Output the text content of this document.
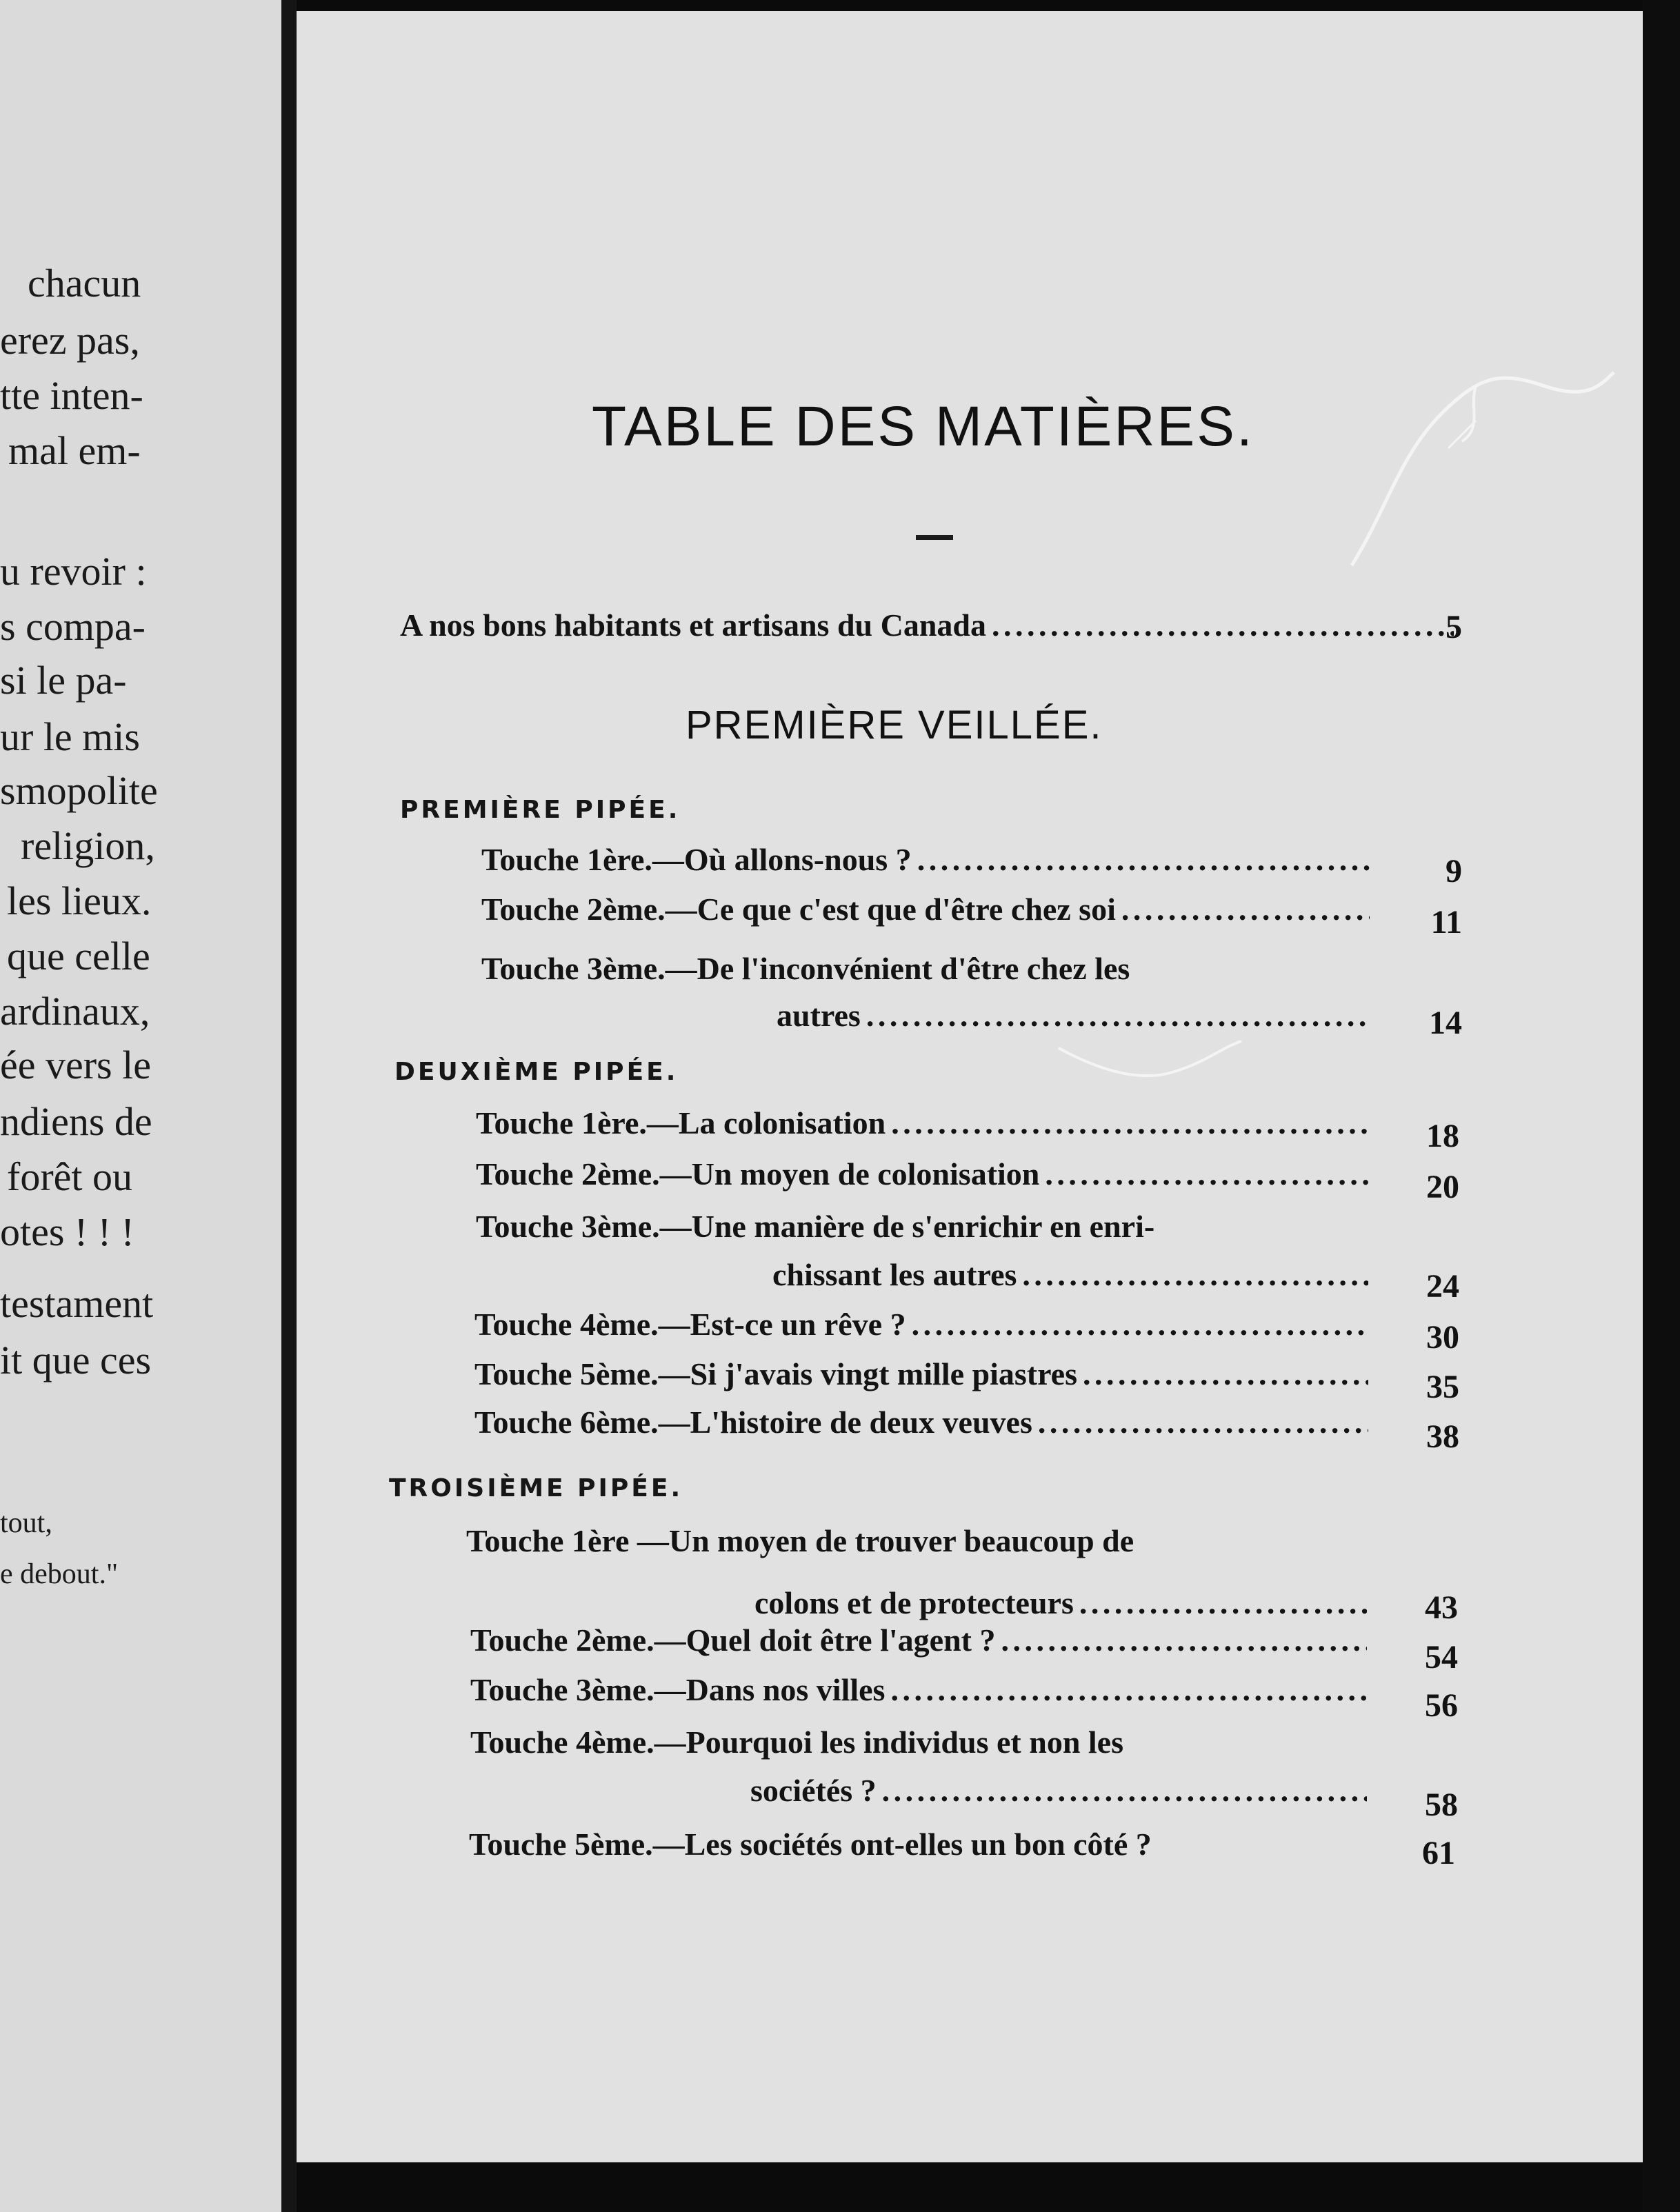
chacun
erez pas,
tte inten-
mal em-
u revoir :
s compa-
si le pa-
ur le mis
smopolite
religion,
les lieux.
que celle
ardinaux,
ée vers le
ndiens de
forêt ou
otes ! ! !
testament
it que ces
tout,
e debout."
TABLE DES MATIÈRES.
A nos bons habitants et artisans du Canada . . .	5
PREMIÈRE VEILLÉE.
PREMIÈRE PIPÉE.
Touche 1ère.—Où allons-nous ? . . .	9
Touche 2ème.—Ce que c'est que d'être chez soi . . .	11
Touche 3ème.—De l'inconvénient d'être chez les
autres . . .	14
DEUXIÈME PIPÉE.
Touche 1ère.—La colonisation . . .	18
Touche 2ème.—Un moyen de colonisation . . .	20
Touche 3ème.—Une manière de s'enrichir en enri-
chissant les autres . . .	24
Touche 4ème.—Est-ce un rêve ? . . .	30
Touche 5ème.—Si j'avais vingt mille piastres . . .	35
Touche 6ème.—L'histoire de deux veuves . . .	38
TROISIÈME PIPÉE.
Touche 1ère —Un moyen de trouver beaucoup de
colons et de protecteurs . . .	43
Touche 2ème.—Quel doit être l'agent ? . . .	54
Touche 3ème.—Dans nos villes . . .	56
Touche 4ème.—Pourquoi les individus et non les
sociétés ? . . .	58
Touche 5ème.—Les sociétés ont-elles un bon côté ?	61
